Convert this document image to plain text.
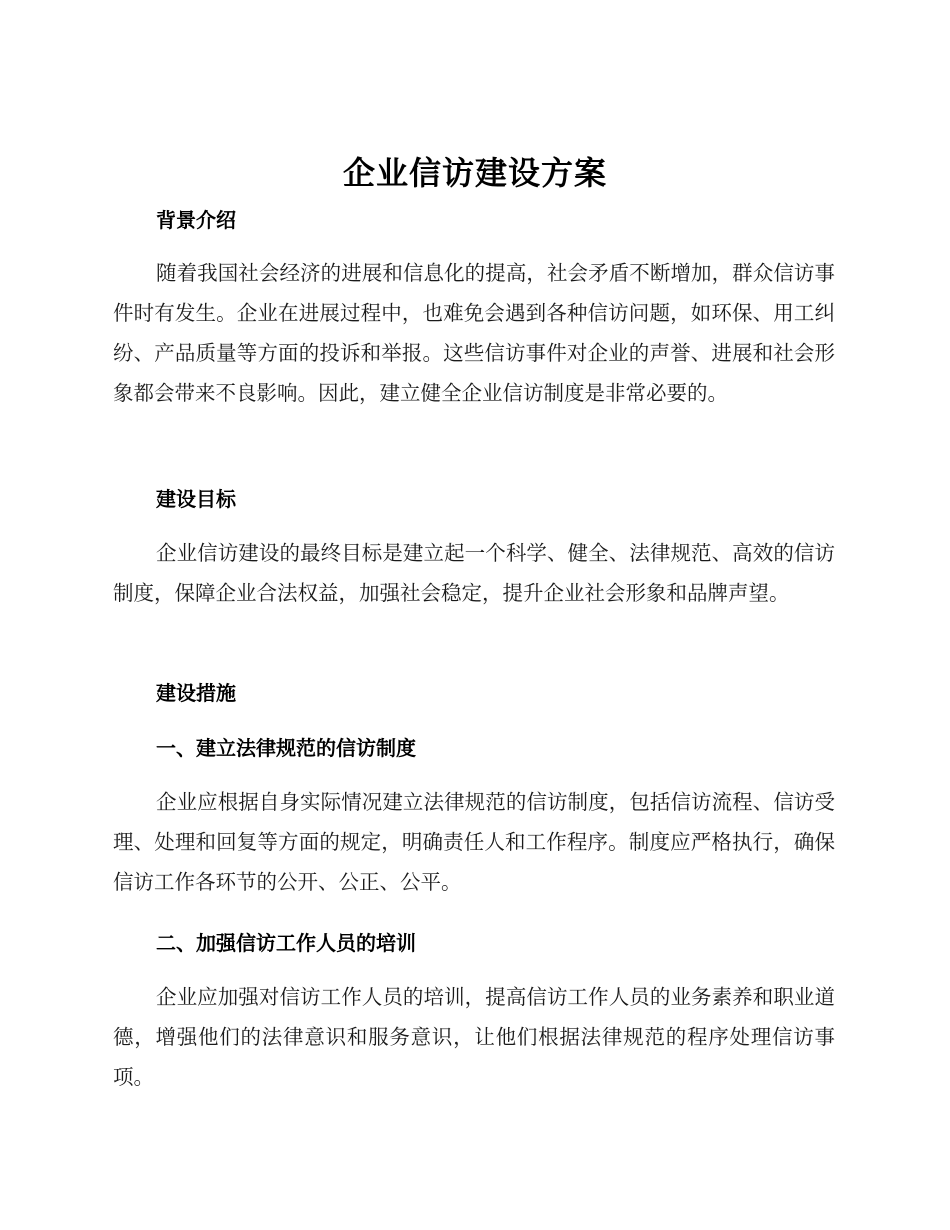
企业信访建设方案
背景介绍

随着我国社会经济的进展和信息化的提高，社会矛盾不断增加，群众信访事件时有发生。企业在进展过程中，也难免会遇到各种信访问题，如环保、用工纠纷、产品质量等方面的投诉和举报。这些信访事件对企业的声誉、进展和社会形象都会带来不良影响。因此，建立健全企业信访制度是非常必要的。

建设目标

企业信访建设的最终目标是建立起一个科学、健全、法律规范、高效的信访制度，保障企业合法权益，加强社会稳定，提升企业社会形象和品牌声望。

建设措施
一、建立法律规范的信访制度

企业应根据自身实际情况建立法律规范的信访制度，包括信访流程、信访受理、处理和回复等方面的规定，明确责任人和工作程序。制度应严格执行，确保信访工作各环节的公开、公正、公平。

二、加强信访工作人员的培训

企业应加强对信访工作人员的培训，提高信访工作人员的业务素养和职业道德，增强他们的法律意识和服务意识，让他们根据法律规范的程序处理信访事项。
